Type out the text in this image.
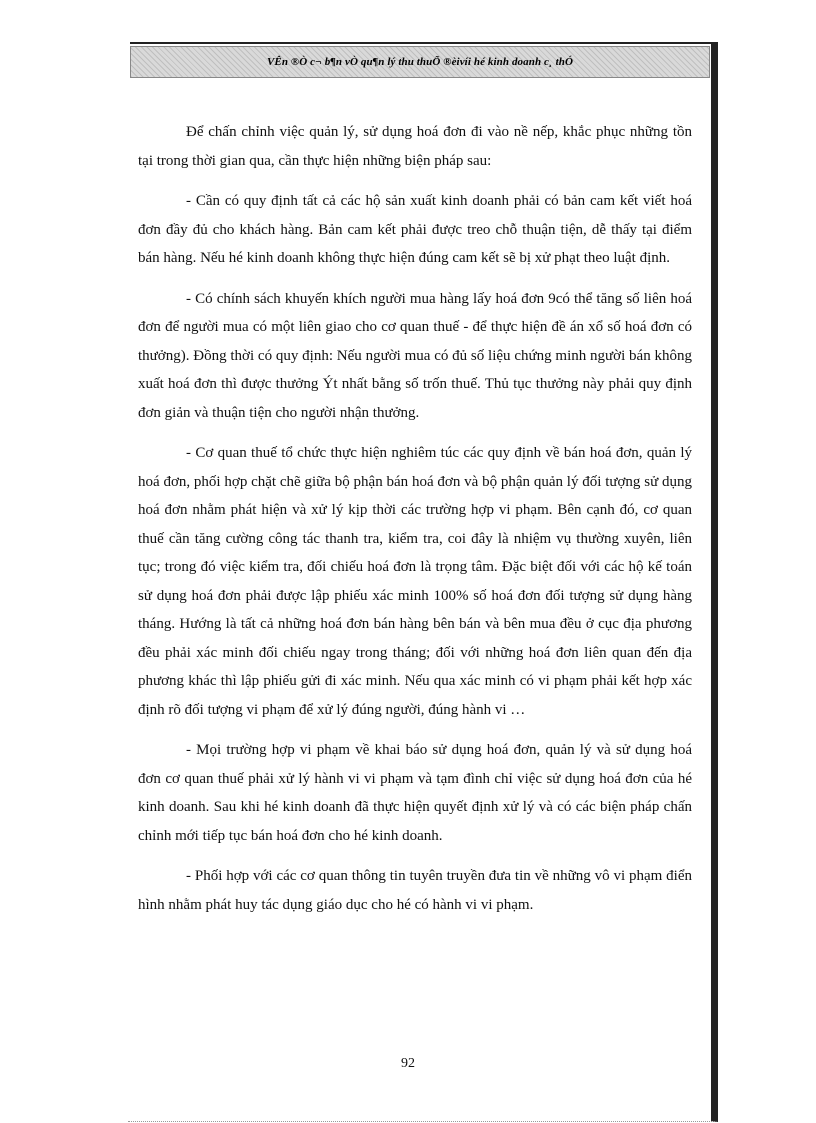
VÊn ®Ò c¬ b¶n vÒ qu¶n lý thu thuÕ ®èivíi hé kinh doanh c¸ thÓ

Để chấn chỉnh việc quản lý, sử dụng hoá đơn đi vào nề nếp, khắc phục những tồn tại trong thời gian qua, cần thực hiện những biện pháp sau:

- Cần có quy định tất cả các hộ sản xuất kinh doanh phải có bản cam kết viết hoá đơn đầy đủ cho khách hàng. Bản cam kết phải được treo chỗ thuận tiện, dễ thấy tại điểm bán hàng. Nếu hé kinh doanh không thực hiện đúng cam kết sẽ bị xử phạt theo luật định.

- Có chính sách khuyến khích người mua hàng lấy hoá đơn 9có thể tăng số liên hoá đơn để người mua có một liên giao cho cơ quan thuế - để thực hiện đề án xổ số hoá đơn có thưởng). Đồng thời có quy định: Nếu người mua có đủ số liệu chứng minh người bán không xuất hoá đơn thì được thưởng Ýt nhất bằng số trốn thuế. Thủ tục thưởng này phải quy định đơn giản và thuận tiện cho người nhận thưởng.

- Cơ quan thuế tổ chức thực hiện nghiêm túc các quy định về bán hoá đơn, quản lý hoá đơn, phối hợp chặt chẽ giữa bộ phận bán hoá đơn và bộ phận quản lý đối tượng sử dụng hoá đơn nhằm phát hiện và xử lý kịp thời các trường hợp vi phạm. Bên cạnh đó, cơ quan thuế cần tăng cường công tác thanh tra, kiểm tra, coi đây là nhiệm vụ thường xuyên, liên tục; trong đó việc kiểm tra, đối chiếu hoá đơn là trọng tâm. Đặc biệt đối với các hộ kế toán sử dụng hoá đơn phải được lập phiếu xác minh 100% số hoá đơn đối tượng sử dụng hàng tháng. Hướng là tất cả những hoá đơn bán hàng bên bán và bên mua đều ở cục địa phương đều phải xác minh đối chiếu ngay trong tháng; đối với những hoá đơn liên quan đến địa phương khác thì lập phiếu gửi đi xác minh. Nếu qua xác minh có vi phạm phải kết hợp xác định rõ đối tượng vi phạm để xử lý đúng người, đúng hành vi …

- Mọi trường hợp vi phạm về khai báo sử dụng hoá đơn, quản lý và sử dụng hoá đơn cơ quan thuế phải xử lý hành vi vi phạm và tạm đình chỉ việc sử dụng hoá đơn của hé kinh doanh. Sau khi hé kinh doanh đã thực hiện quyết định xử lý và có các biện pháp chấn chỉnh mới tiếp tục bán hoá đơn cho hé kinh doanh.

- Phối hợp với các cơ quan thông tin tuyên truyền đưa tin về những vô vi phạm điển hình nhằm phát huy tác dụng giáo dục cho hé có hành vi vi phạm.

92
